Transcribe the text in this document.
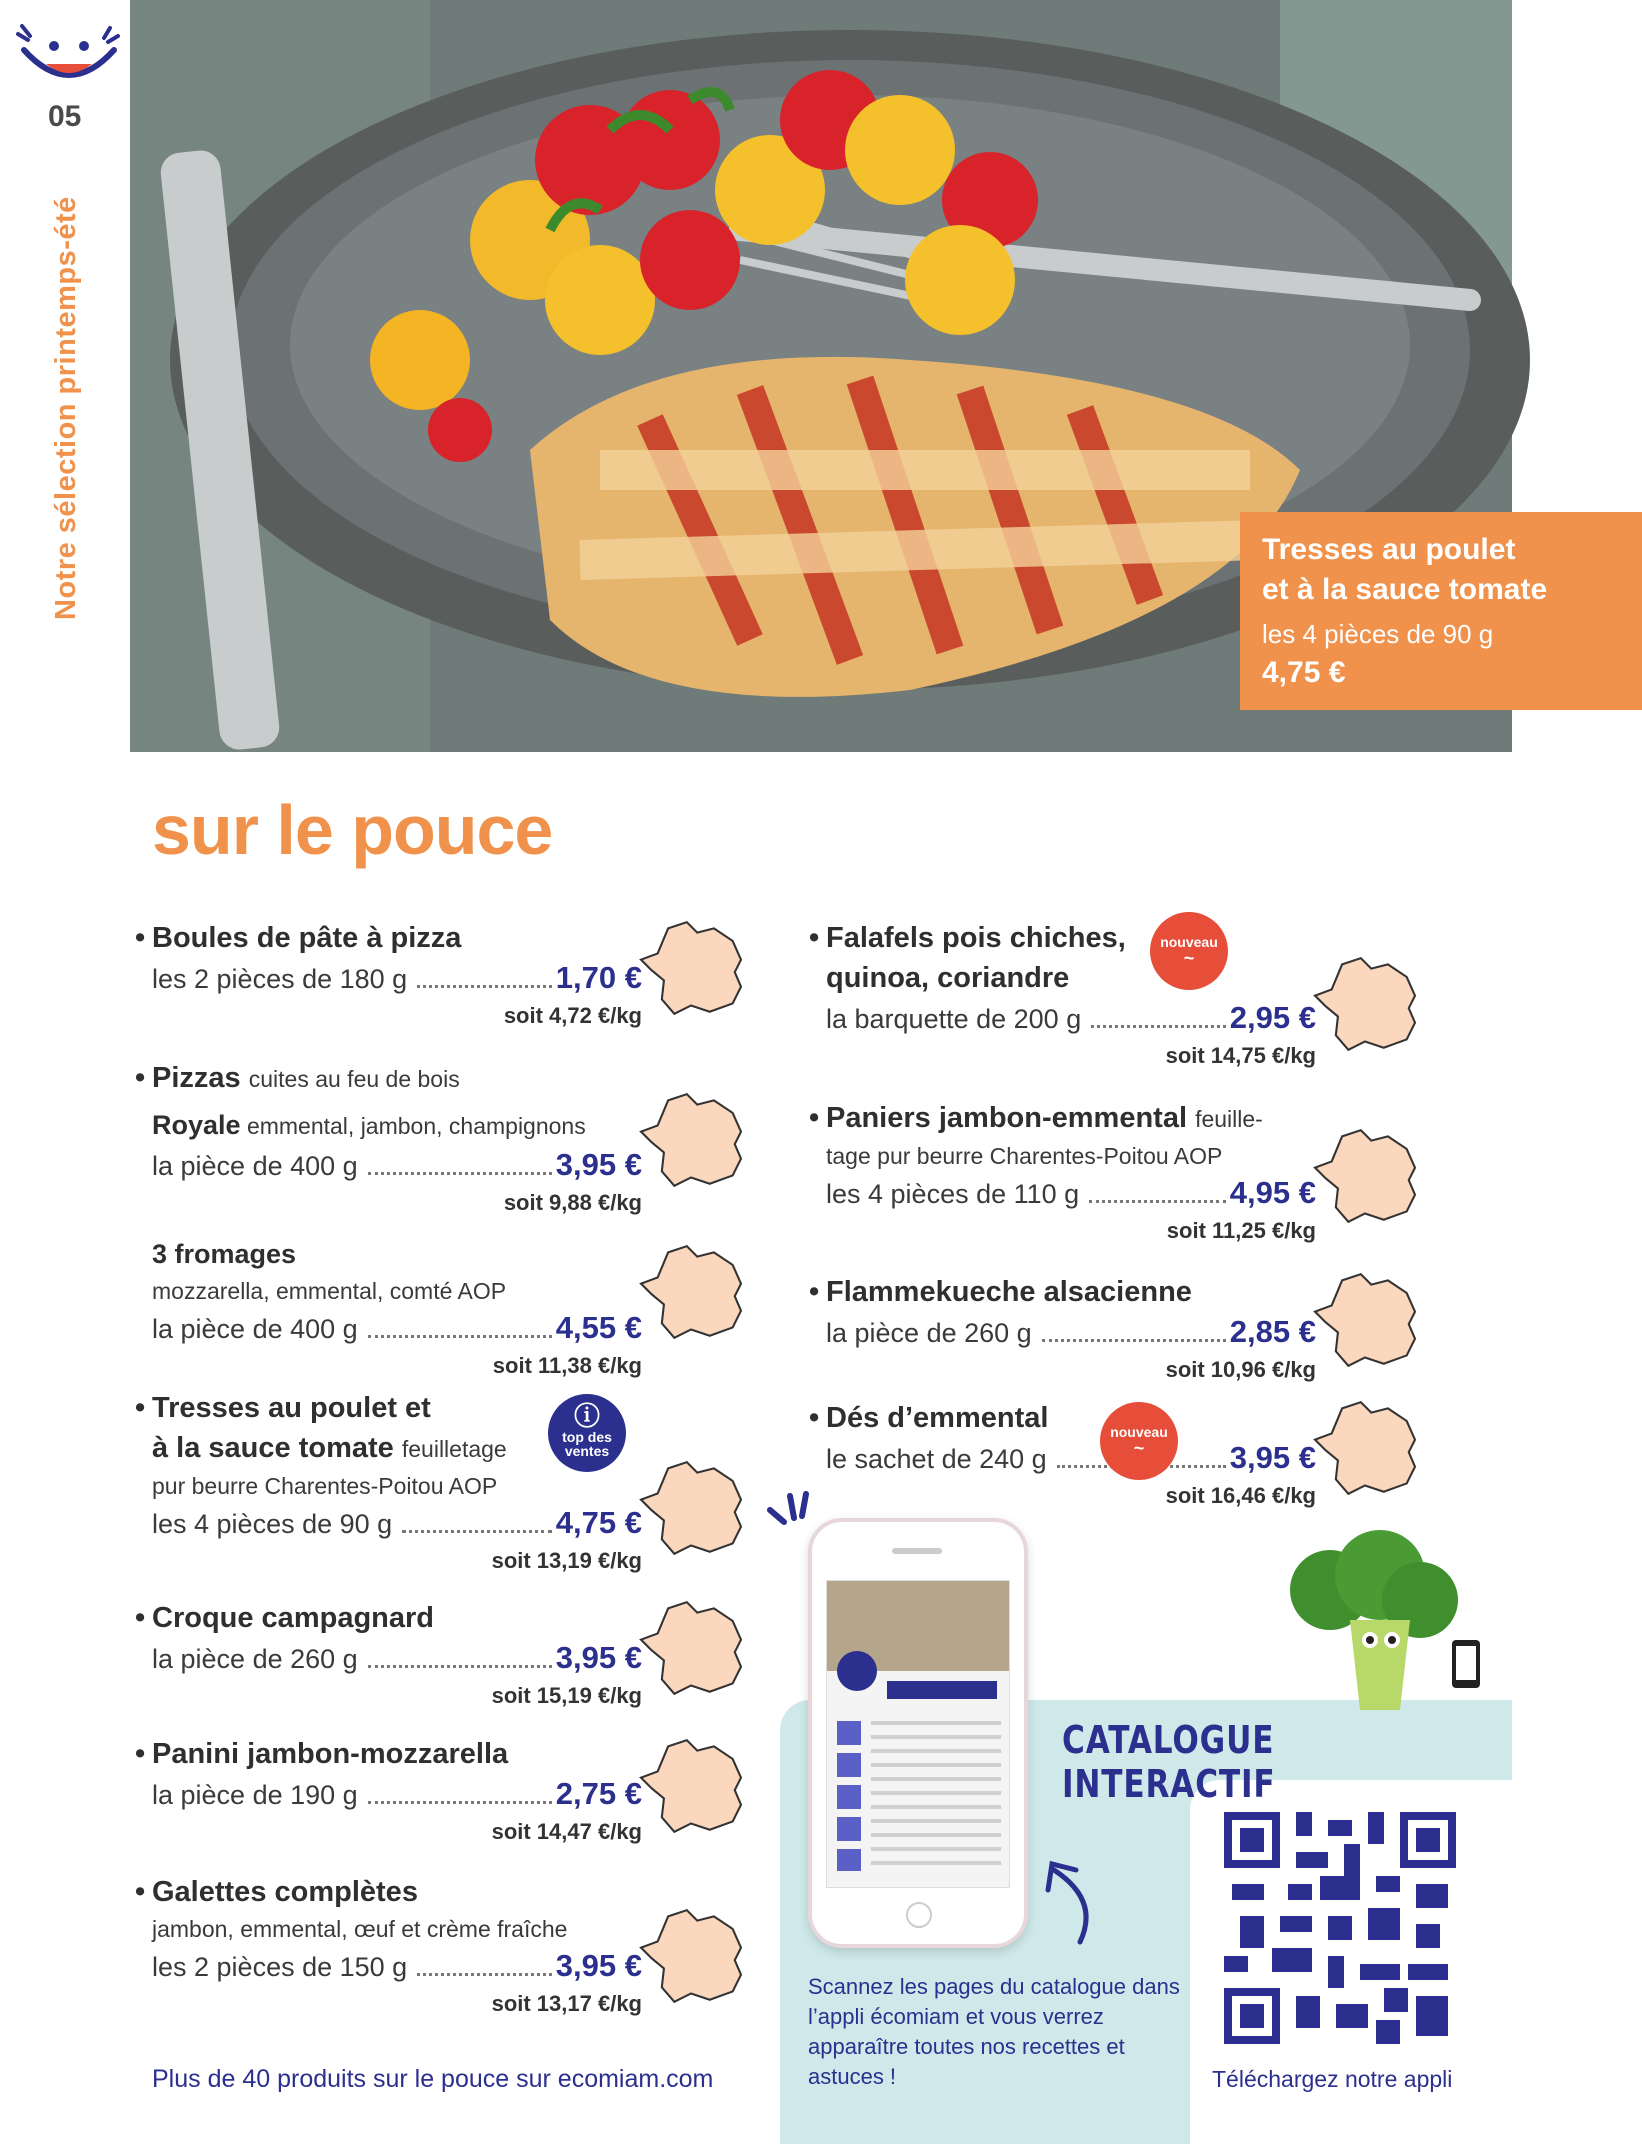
05
Notre sélection printemps-été	Tresses au poulet
et à la sauce tomate
les 4 pièces de 90 g
4,75 €
sur le pouce
• Boules de pâte à pizza
les 2 pièces de 180 g	1,70 €
soit 4,72 €/kg
• Pizzas cuites au feu de bois
Royale emmental, jambon, champignons
la pièce de 400 g	3,95 €
soit 9,88 €/kg
3 fromages
mozzarella, emmental, comté AOP
la pièce de 400 g	4,55 €
soit 11,38 €/kg
• Tresses au poulet et
à la sauce tomate feuilletage
pur beurre Charentes-Poitou AOP
les 4 pièces de 90 g	4,75 €
soit 13,19 €/kg
ⓘ
top des
ventes
• Croque campagnard
la pièce de 260 g	3,95 €
soit 15,19 €/kg
• Panini jambon-mozzarella
la pièce de 190 g	2,75 €
soit 14,47 €/kg
• Galettes complètes
jambon, emmental, œuf et crème fraîche
les 2 pièces de 150 g	3,95 €
soit 13,17 €/kg
Plus de 40 produits sur le pouce sur ecomiam.com
• Falafels pois chiches,
quinoa, coriandre
la barquette de 200 g	2,95 €
soit 14,75 €/kg
nouveau
~
• Paniers jambon-emmental feuille-
tage pur beurre Charentes-Poitou AOP
les 4 pièces de 110 g	4,95 €
soit 11,25 €/kg
• Flammekueche alsacienne
la pièce de 260 g	2,85 €
soit 10,96 €/kg
• Dés d’emmental
le sachet de 240 g	3,95 €
soit 16,46 €/kg
nouveau
~
CATALOGUE INTERACTIF
Scannez les pages du catalogue dans l’appli écomiam et vous verrez apparaître toutes nos recettes et astuces !	Téléchargez notre appli
